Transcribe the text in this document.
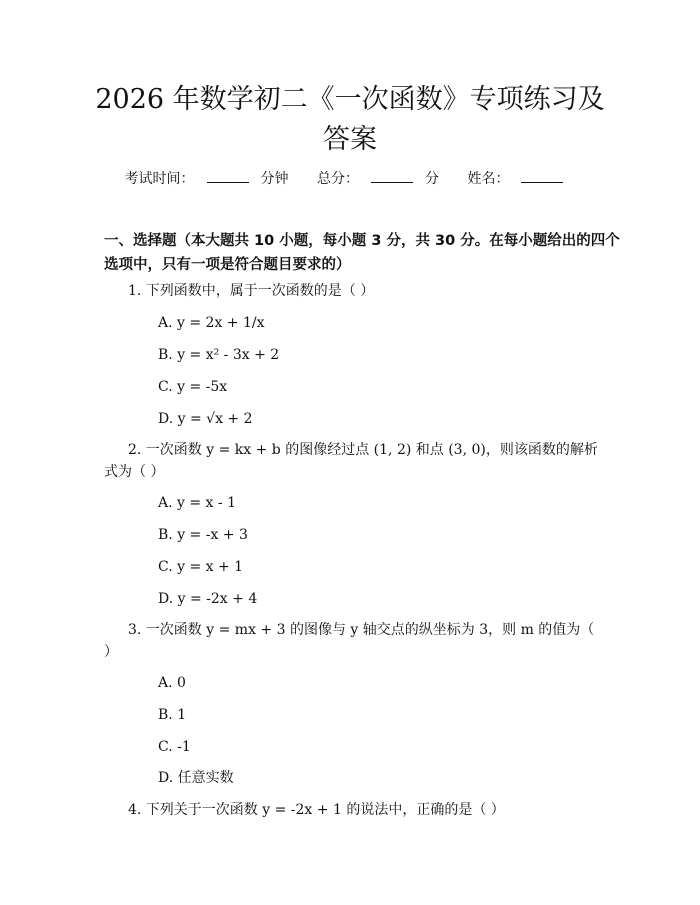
2026 年数学初二《一次函数》专项练习及答案
考试时间：	分钟 总分：	分 姓名：
一、选择题（本大题共 10 小题，每小题 3 分，共 30 分。在每小题给出的四个选项中，只有一项是符合题目要求的）
1. 下列函数中，属于一次函数的是（ ）
A. y = 2x + 1/x
B. y = x² - 3x + 2
C. y = -5x
D. y = √x + 2
2. 一次函数 y = kx + b 的图像经过点 (1, 2) 和点 (3, 0)，则该函数的解析式为（ ）
A. y = x - 1
B. y = -x + 3
C. y = x + 1
D. y = -2x + 4
3. 一次函数 y = mx + 3 的图像与 y 轴交点的纵坐标为 3，则 m 的值为（ ）
A. 0
B. 1
C. -1
D. 任意实数
4. 下列关于一次函数 y = -2x + 1 的说法中，正确的是（ ）
